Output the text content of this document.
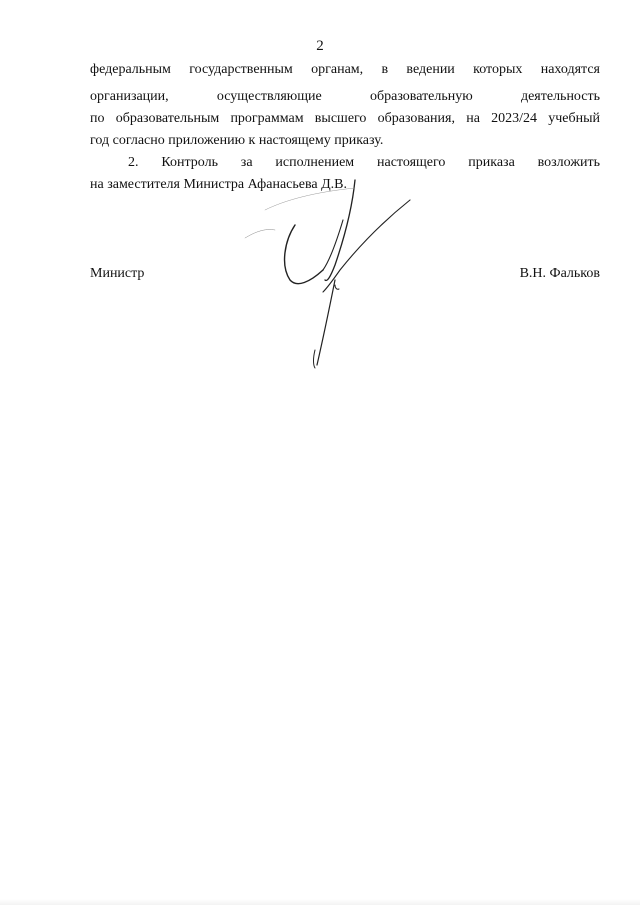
2
федеральным государственным органам, в ведении которых находятся
организации, осуществляющие образовательную деятельность
по образовательным программам высшего образования, на 2023/24 учебный
год согласно приложению к настоящему приказу.
2. Контроль за исполнением настоящего приказа возложить
на заместителя Министра Афанасьева Д.В.
Министр	В.Н. Фальков
